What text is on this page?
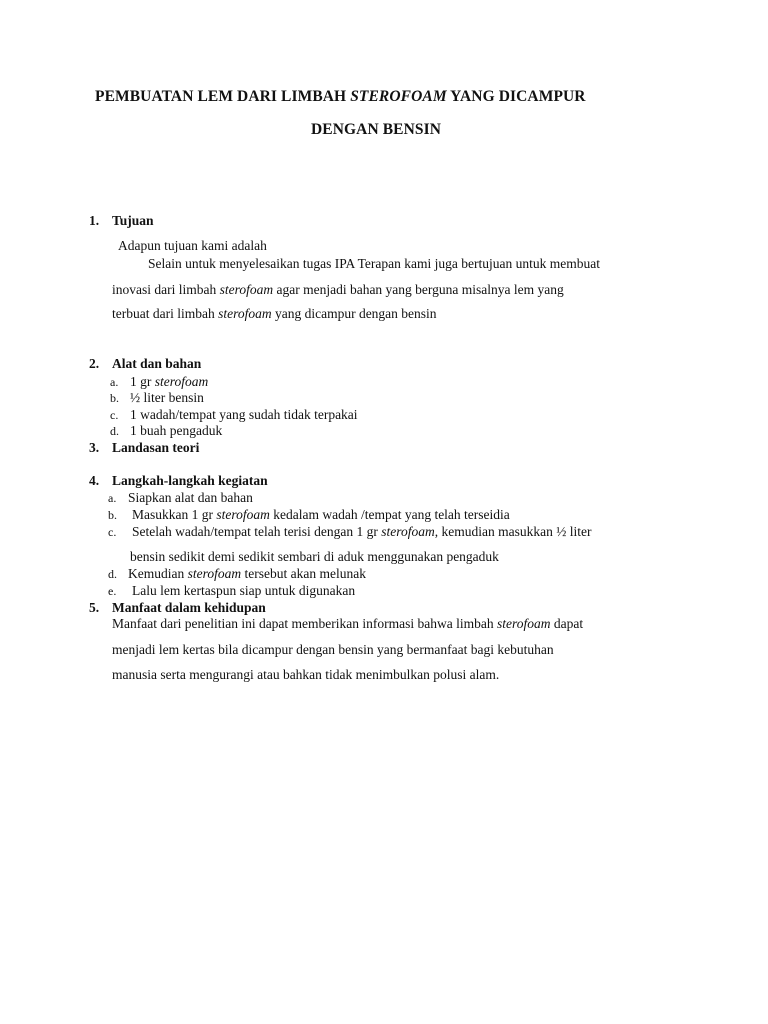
PEMBUATAN LEM DARI LIMBAH STEROFOAM YANG DICAMPUR
DENGAN BENSIN
1. Tujuan
Adapun tujuan kami adalah
Selain untuk menyelesaikan tugas IPA Terapan kami juga bertujuan untuk membuat
inovasi dari limbah sterofoam agar menjadi bahan yang berguna misalnya lem yang
terbuat dari limbah sterofoam yang dicampur dengan bensin
2. Alat dan bahan
a. 1 gr sterofoam
b. ½ liter bensin
c. 1 wadah/tempat yang sudah tidak terpakai
d. 1 buah pengaduk
3. Landasan teori
4. Langkah-langkah kegiatan
a. Siapkan alat dan bahan
b. Masukkan 1 gr sterofoam kedalam wadah /tempat yang telah terseidia
c. Setelah wadah/tempat telah terisi dengan 1 gr sterofoam, kemudian masukkan ½ liter
bensin sedikit demi sedikit sembari di aduk menggunakan pengaduk
d. Kemudian sterofoam tersebut akan melunak
e. Lalu lem kertaspun siap untuk digunakan
5. Manfaat dalam kehidupan
Manfaat dari penelitian ini dapat memberikan informasi bahwa limbah sterofoam dapat
menjadi lem kertas bila dicampur dengan bensin yang bermanfaat bagi kebutuhan
manusia serta mengurangi atau bahkan tidak menimbulkan polusi alam.
